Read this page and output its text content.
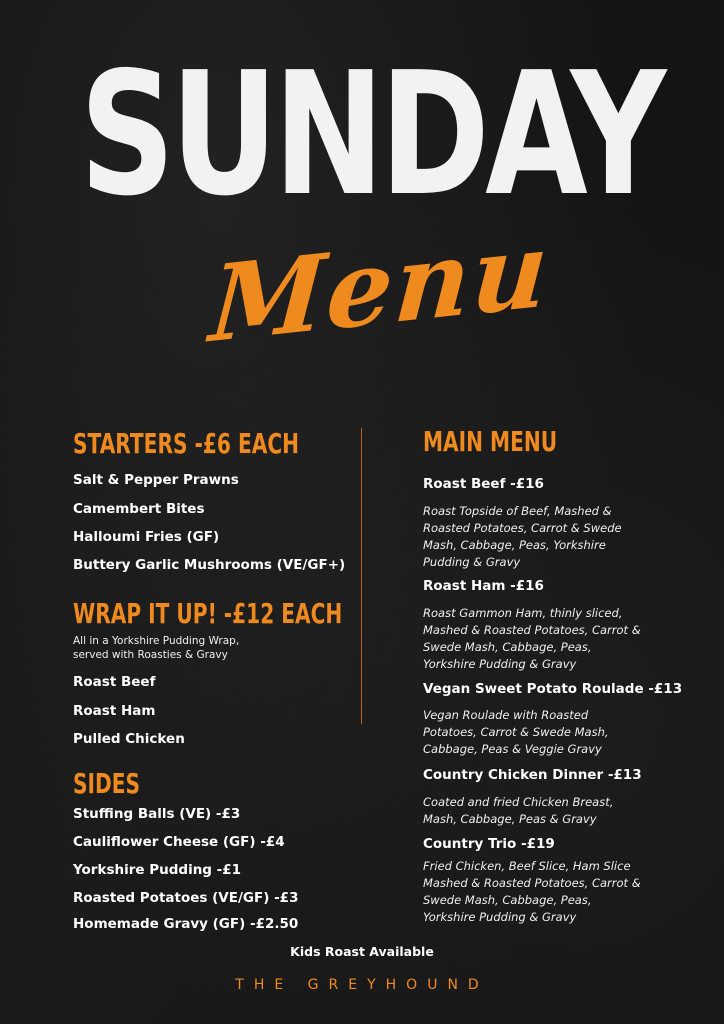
SUNDAY
Menu
STARTERS -£6 EACH
Salt & Pepper Prawns
Camembert Bites
Halloumi Fries (GF)
Buttery Garlic Mushrooms (VE/GF+)
WRAP IT UP! -£12 EACH
All in a Yorkshire Pudding Wrap,
served with Roasties & Gravy
Roast Beef
Roast Ham
Pulled Chicken
SIDES
Stuffing Balls (VE) -£3
Cauliflower Cheese (GF) -£4
Yorkshire Pudding -£1
Roasted Potatoes (VE/GF) -£3
Homemade Gravy (GF) -£2.50
MAIN MENU
Roast Beef -£16
Roast Topside of Beef, Mashed &
Roasted Potatoes, Carrot & Swede
Mash, Cabbage, Peas, Yorkshire
Pudding & Gravy
Roast Ham -£16
Roast Gammon Ham, thinly sliced,
Mashed & Roasted Potatoes, Carrot &
Swede Mash, Cabbage, Peas,
Yorkshire Pudding & Gravy
Vegan Sweet Potato Roulade -£13
Vegan Roulade with Roasted
Potatoes, Carrot & Swede Mash,
Cabbage, Peas & Veggie Gravy
Country Chicken Dinner -£13
Coated and fried Chicken Breast,
Mash, Cabbage, Peas & Gravy
Country Trio -£19
Fried Chicken, Beef Slice, Ham Slice
Mashed & Roasted Potatoes, Carrot &
Swede Mash, Cabbage, Peas,
Yorkshire Pudding & Gravy
Kids Roast Available
THE GREYHOUND
